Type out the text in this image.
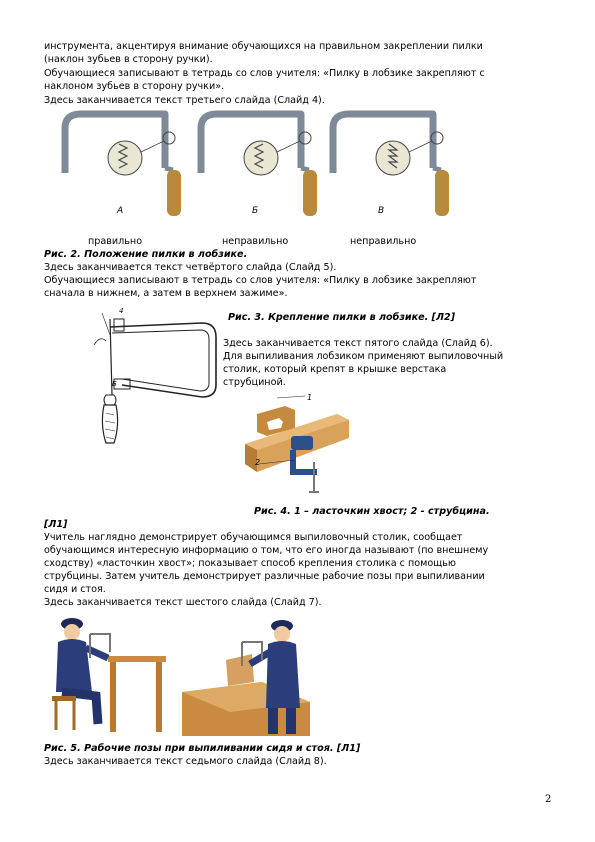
инструмента, акцентируя внимание обучающихся на правильном закреплении пилки
(наклон зубьев в сторону ручки).
Обучающиеся записывают в тетрадь со слов учителя: «Пилку в лобзике закрепляют с
наклоном зубьев в сторону ручки».
Здесь заканчивается текст третьего слайда (Слайд 4).
А	Б	В
правильно	неправильно	неправильно
Рис. 2. Положение пилки в лобзике.
Здесь заканчивается текст четвёртого слайда (Слайд 5).
Обучающиеся записывают в тетрадь со слов учителя: «Пилку в лобзике закрепляют
сначала в нижнем, а затем в верхнем зажиме».
4
Б
Рис. 3. Крепление пилки в лобзике. [Л2]
Здесь заканчивается текст пятого слайда (Слайд 6).
Для выпиливания лобзиком применяют выпиловочный
столик, который крепят в крышке верстака
струбциной.
1
2
Рис. 4. 1 – ласточкин хвост; 2 - струбцина.
[Л1]
Учитель наглядно демонстрирует обучающимся выпиловочный столик, сообщает
обучающимся интересную информацию о том, что его иногда называют (по внешнему
сходству) «ласточкин хвост»; показывает способ крепления столика с помощью
струбцины. Затем учитель демонстрирует различные рабочие позы при выпиливании
сидя и стоя.
Здесь заканчивается текст шестого слайда (Слайд 7).
Рис. 5. Рабочие позы при выпиливании сидя и стоя. [Л1]
Здесь заканчивается текст седьмого слайда (Слайд 8).
2
